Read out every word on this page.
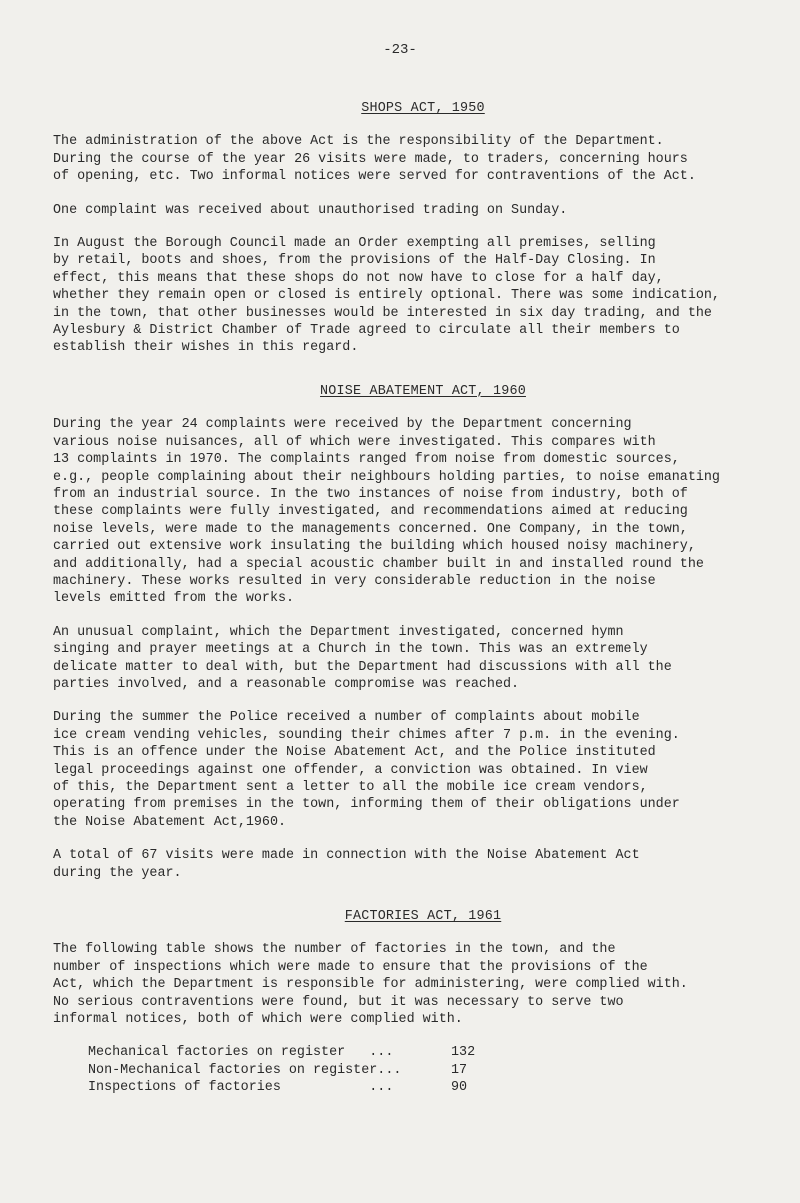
-23-
SHOPS ACT, 1950

The administration of the above Act is the responsibility of the Department.
During the course of the year 26 visits were made, to traders, concerning hours
of opening, etc. Two informal notices were served for contraventions of the Act.

One complaint was received about unauthorised trading on Sunday.

In August the Borough Council made an Order exempting all premises, selling
by retail, boots and shoes, from the provisions of the Half-Day Closing. In
effect, this means that these shops do not now have to close for a half day,
whether they remain open or closed is entirely optional. There was some indication,
in the town, that other businesses would be interested in six day trading, and the
Aylesbury & District Chamber of Trade agreed to circulate all their members to
establish their wishes in this regard.

NOISE ABATEMENT ACT, 1960

During the year 24 complaints were received by the Department concerning
various noise nuisances, all of which were investigated. This compares with
13 complaints in 1970. The complaints ranged from noise from domestic sources,
e.g., people complaining about their neighbours holding parties, to noise emanating
from an industrial source. In the two instances of noise from industry, both of
these complaints were fully investigated, and recommendations aimed at reducing
noise levels, were made to the managements concerned. One Company, in the town,
carried out extensive work insulating the building which housed noisy machinery,
and additionally, had a special acoustic chamber built in and installed round the
machinery. These works resulted in very considerable reduction in the noise
levels emitted from the works.

An unusual complaint, which the Department investigated, concerned hymn
singing and prayer meetings at a Church in the town. This was an extremely
delicate matter to deal with, but the Department had discussions with all the
parties involved, and a reasonable compromise was reached.

During the summer the Police received a number of complaints about mobile
ice cream vending vehicles, sounding their chimes after 7 p.m. in the evening.
This is an offence under the Noise Abatement Act, and the Police instituted
legal proceedings against one offender, a conviction was obtained. In view
of this, the Department sent a letter to all the mobile ice cream vendors,
operating from premises in the town, informing them of their obligations under
the Noise Abatement Act,1960.

A total of 67 visits were made in connection with the Noise Abatement Act
during the year.

FACTORIES ACT, 1961

The following table shows the number of factories in the town, and the
number of inspections which were made to ensure that the provisions of the
Act, which the Department is responsible for administering, were complied with.
No serious contraventions were found, but it was necessary to serve two
informal notices, both of which were complied with.

Mechanical factories on register   ...	132
Non-Mechanical factories on register...	17
Inspections of factories           ...	90
